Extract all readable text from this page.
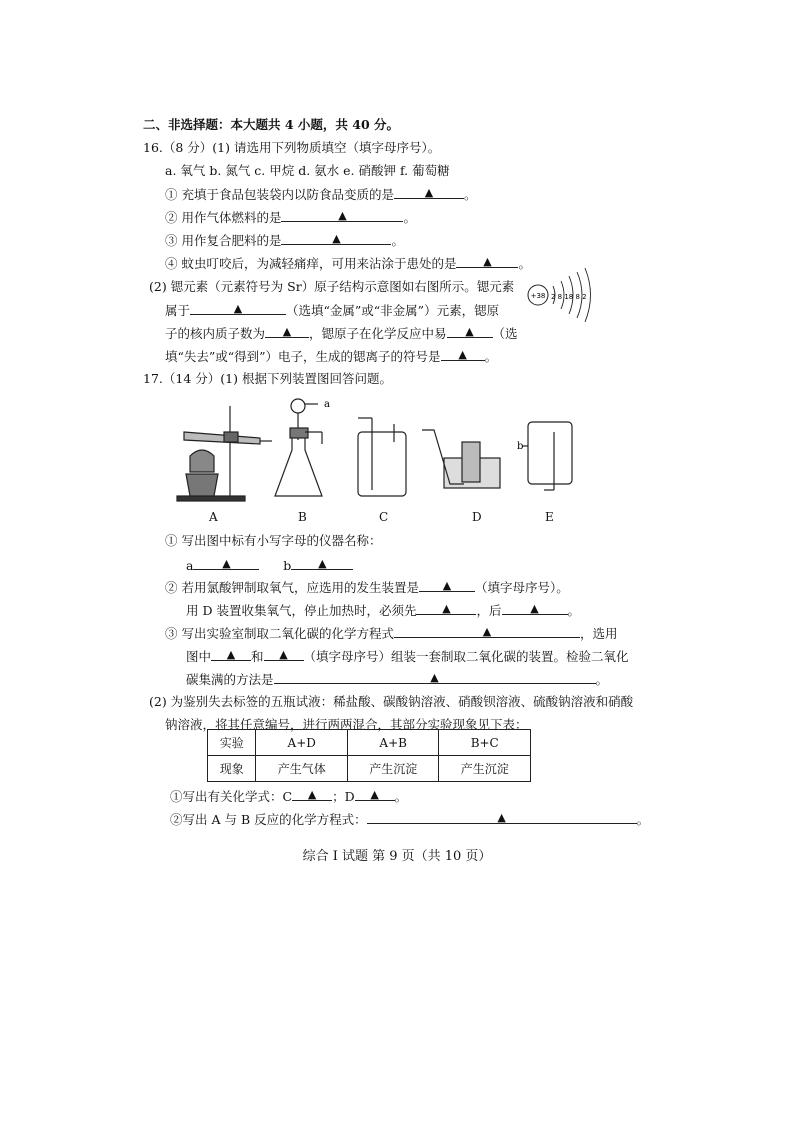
二、非选择题：本大题共 4 小题，共 40 分。
16.（8 分）(1) 请选用下列物质填空（填字母序号）。
a. 氧气 b. 氮气 c. 甲烷 d. 氨水 e. 硝酸钾 f. 葡萄糖
① 充填于食品包装袋内以防食品变质的是	▲ 。
② 用作气体燃料的是	▲	。
③ 用作复合肥料的是	▲	。
④ 蚊虫叮咬后，为减轻痛痒，可用来沾涂于患处的是 ▲ 。
(2) 锶元素（元素符号为 Sr）原子结构示意图如右图所示。锶元素
属于	▲	（选填“金属”或“非金属”）元素，锶原
子的核内质子数为 ▲ ，锶原子在化学反应中易 ▲ （选
填“失去”或“得到”）电子，生成的锶离子的符号是 ▲ 。
+38 2 8 18 8 2
17.（14 分）(1) 根据下列装置图回答问题。
a
b
A	B	C	D	E
① 写出图中标有小写字母的仪器名称：
a	▲	b ▲
② 若用氯酸钾制取氧气，应选用的发生装置是 ▲ （填字母序号）。
用 D 装置收集氧气，停止加热时，必须先 ▲ ，后	▲ 。
③ 写出实验室制取二氧化碳的化学方程式	▲	，选用
图中 ▲ 和 ▲ （填字母序号）组装一套制取二氧化碳的装置。检验二氧化
碳集满的方法是	▲	。
(2) 为鉴别失去标签的五瓶试液：稀盐酸、碳酸钠溶液、硝酸钡溶液、硫酸钠溶液和硝酸
钠溶液，将其任意编号，进行两两混合，其部分实验现象见下表：
实验	A+D	A+B	B+C
现象	产生气体	产生沉淀	产生沉淀
①写出有关化学式：C ▲ ；D ▲ 。
②写出 A 与 B 反应的化学方程式：	▲	。
综合 I 试题 第 9 页（共 10 页）
